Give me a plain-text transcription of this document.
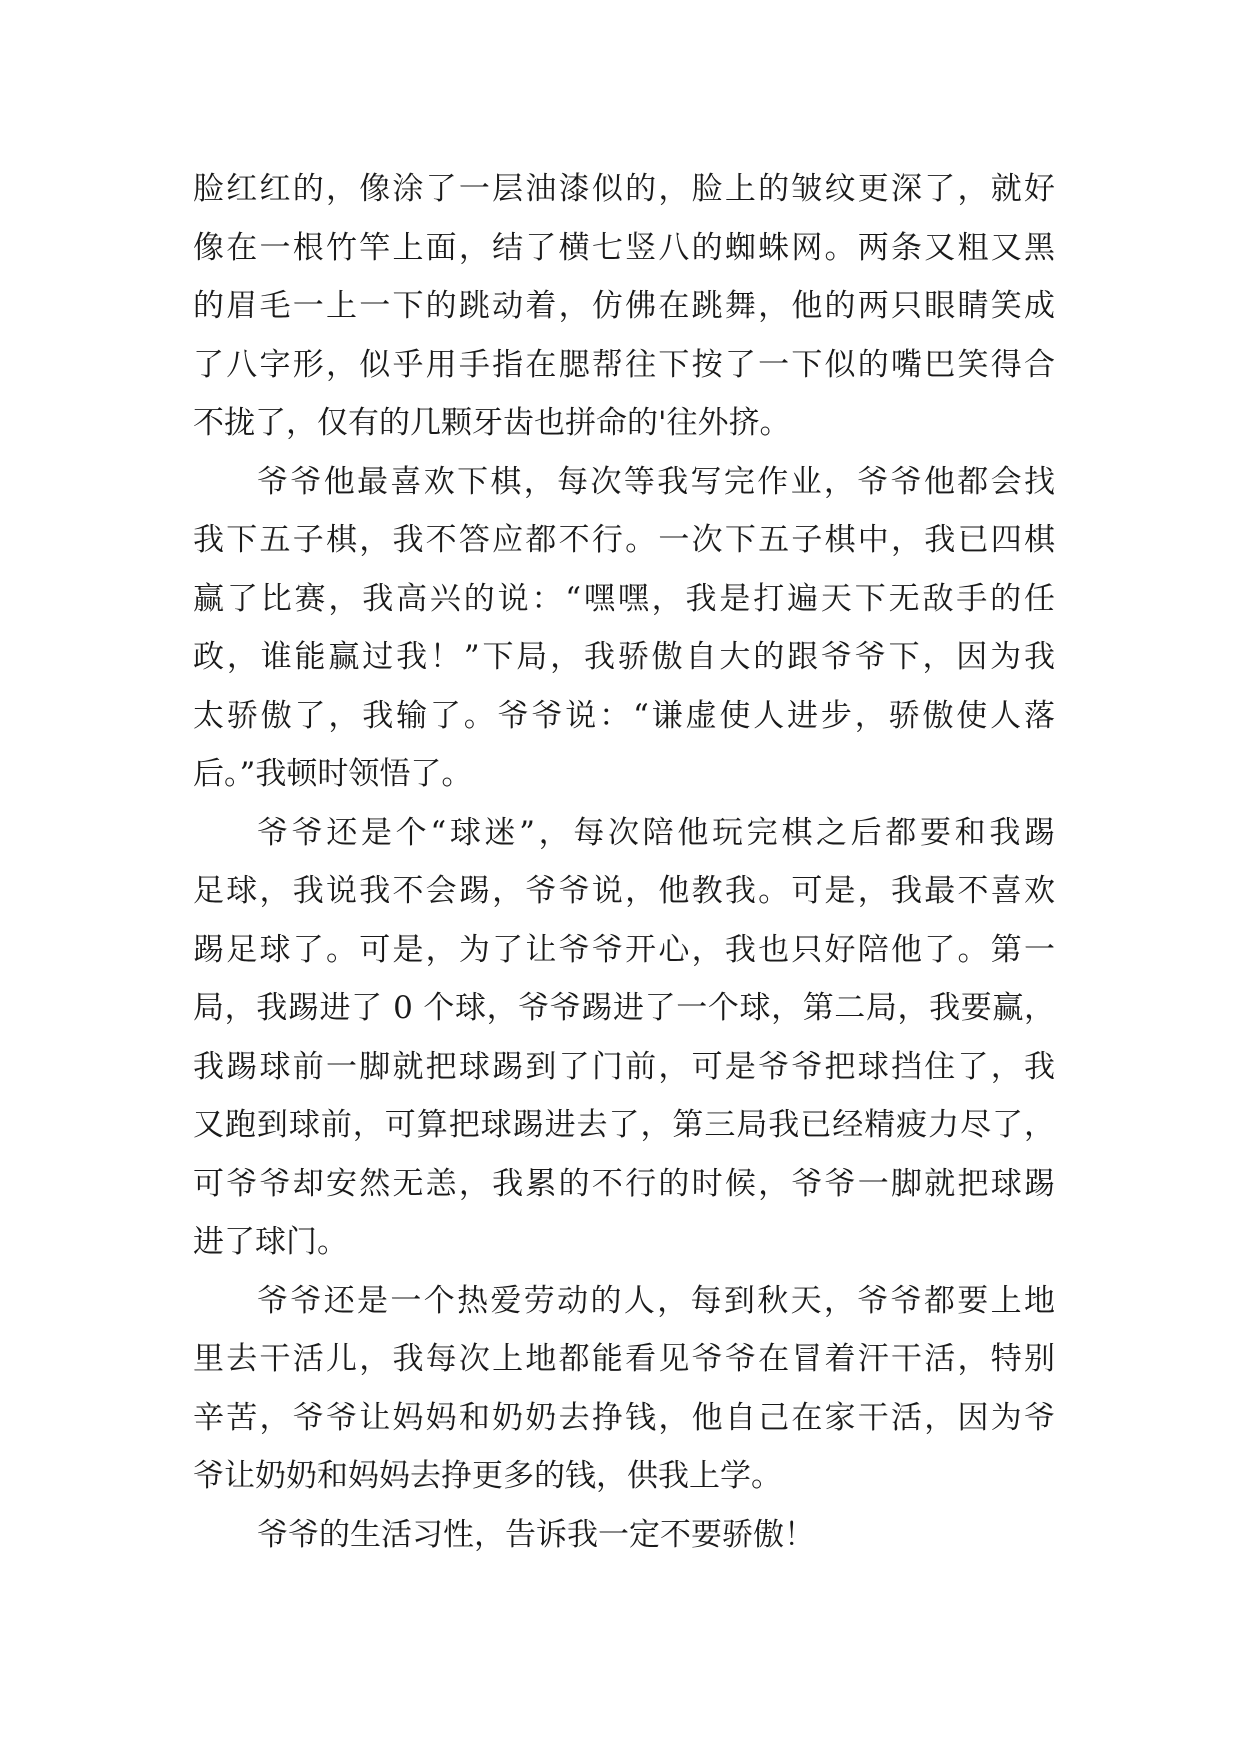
脸红红的，像涂了一层油漆似的，脸上的皱纹更深了，就好
像在一根竹竿上面，结了横七竖八的蜘蛛网。两条又粗又黑
的眉毛一上一下的跳动着，仿佛在跳舞，他的两只眼睛笑成
了八字形，似乎用手指在腮帮往下按了一下似的嘴巴笑得合
不拢了，仅有的几颗牙齿也拼命的'往外挤。
爷爷他最喜欢下棋，每次等我写完作业，爷爷他都会找
我下五子棋，我不答应都不行。一次下五子棋中，我已四棋
赢了比赛，我高兴的说：“嘿嘿，我是打遍天下无敌手的任
政，谁能赢过我！”下局，我骄傲自大的跟爷爷下，因为我
太骄傲了，我输了。爷爷说：“谦虚使人进步，骄傲使人落
后。”我顿时领悟了。
爷爷还是个“球迷”，每次陪他玩完棋之后都要和我踢
足球，我说我不会踢，爷爷说，他教我。可是，我最不喜欢
踢足球了。可是，为了让爷爷开心，我也只好陪他了。第一
局，我踢进了 0 个球，爷爷踢进了一个球，第二局，我要赢，
我踢球前一脚就把球踢到了门前，可是爷爷把球挡住了，我
又跑到球前，可算把球踢进去了，第三局我已经精疲力尽了，
可爷爷却安然无恙，我累的不行的时候，爷爷一脚就把球踢
进了球门。
爷爷还是一个热爱劳动的人，每到秋天，爷爷都要上地
里去干活儿，我每次上地都能看见爷爷在冒着汗干活，特别
辛苦，爷爷让妈妈和奶奶去挣钱，他自己在家干活，因为爷
爷让奶奶和妈妈去挣更多的钱，供我上学。
爷爷的生活习性，告诉我一定不要骄傲！
